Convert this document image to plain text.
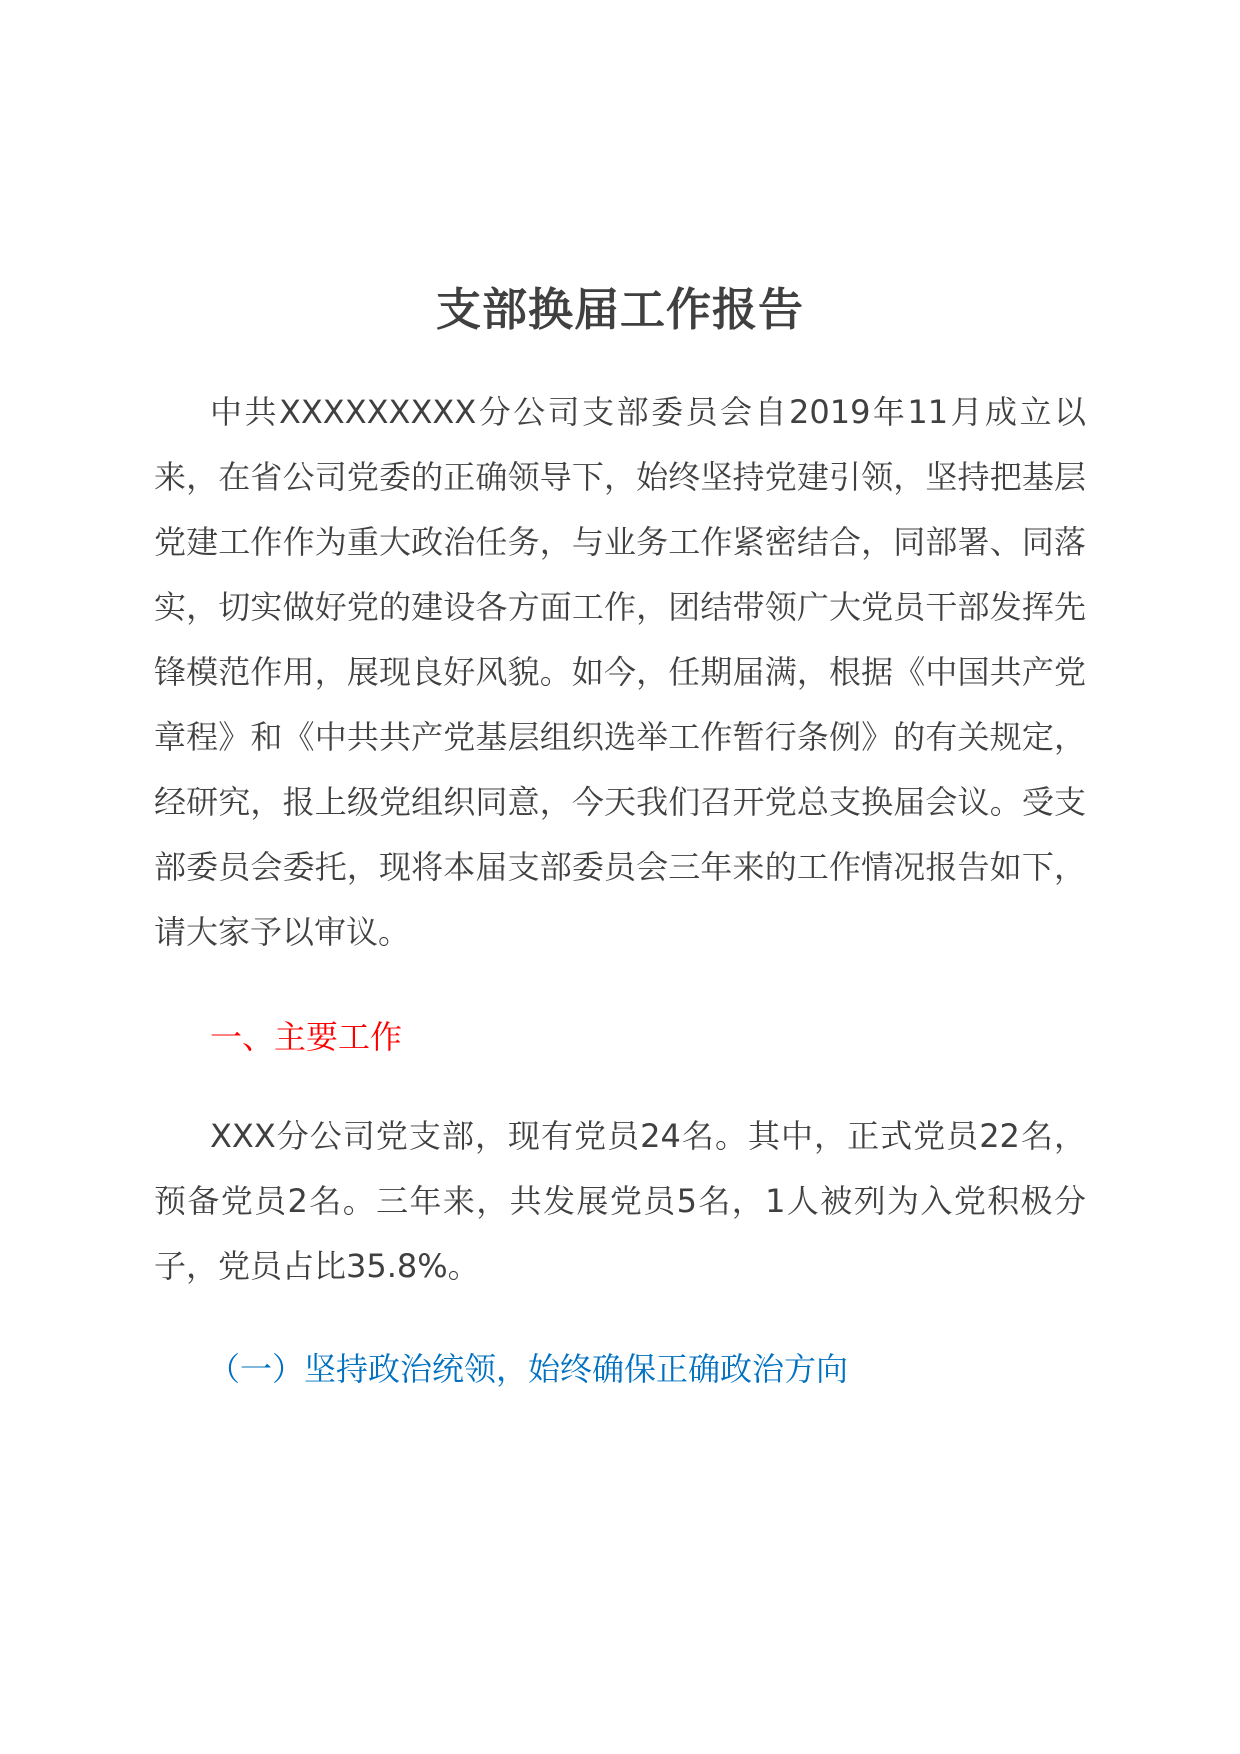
支部换届工作报告
中共XXXXXXXXX分公司支部委员会自2019年11月成立以来，在省公司党委的正确领导下，始终坚持党建引领，坚持把基层党建工作作为重大政治任务，与业务工作紧密结合，同部署、同落实，切实做好党的建设各方面工作，团结带领广大党员干部发挥先锋模范作用，展现良好风貌。如今，任期届满，根据《中国共产党章程》和《中共共产党基层组织选举工作暂行条例》的有关规定，经研究，报上级党组织同意，今天我们召开党总支换届会议。受支部委员会委托，现将本届支部委员会三年来的工作情况报告如下，请大家予以审议。
一、主要工作
XXX分公司党支部，现有党员24名。其中，正式党员22名，预备党员2名。三年来，共发展党员5名，1人被列为入党积极分子，党员占比35.8%。
（一）坚持政治统领，始终确保正确政治方向
